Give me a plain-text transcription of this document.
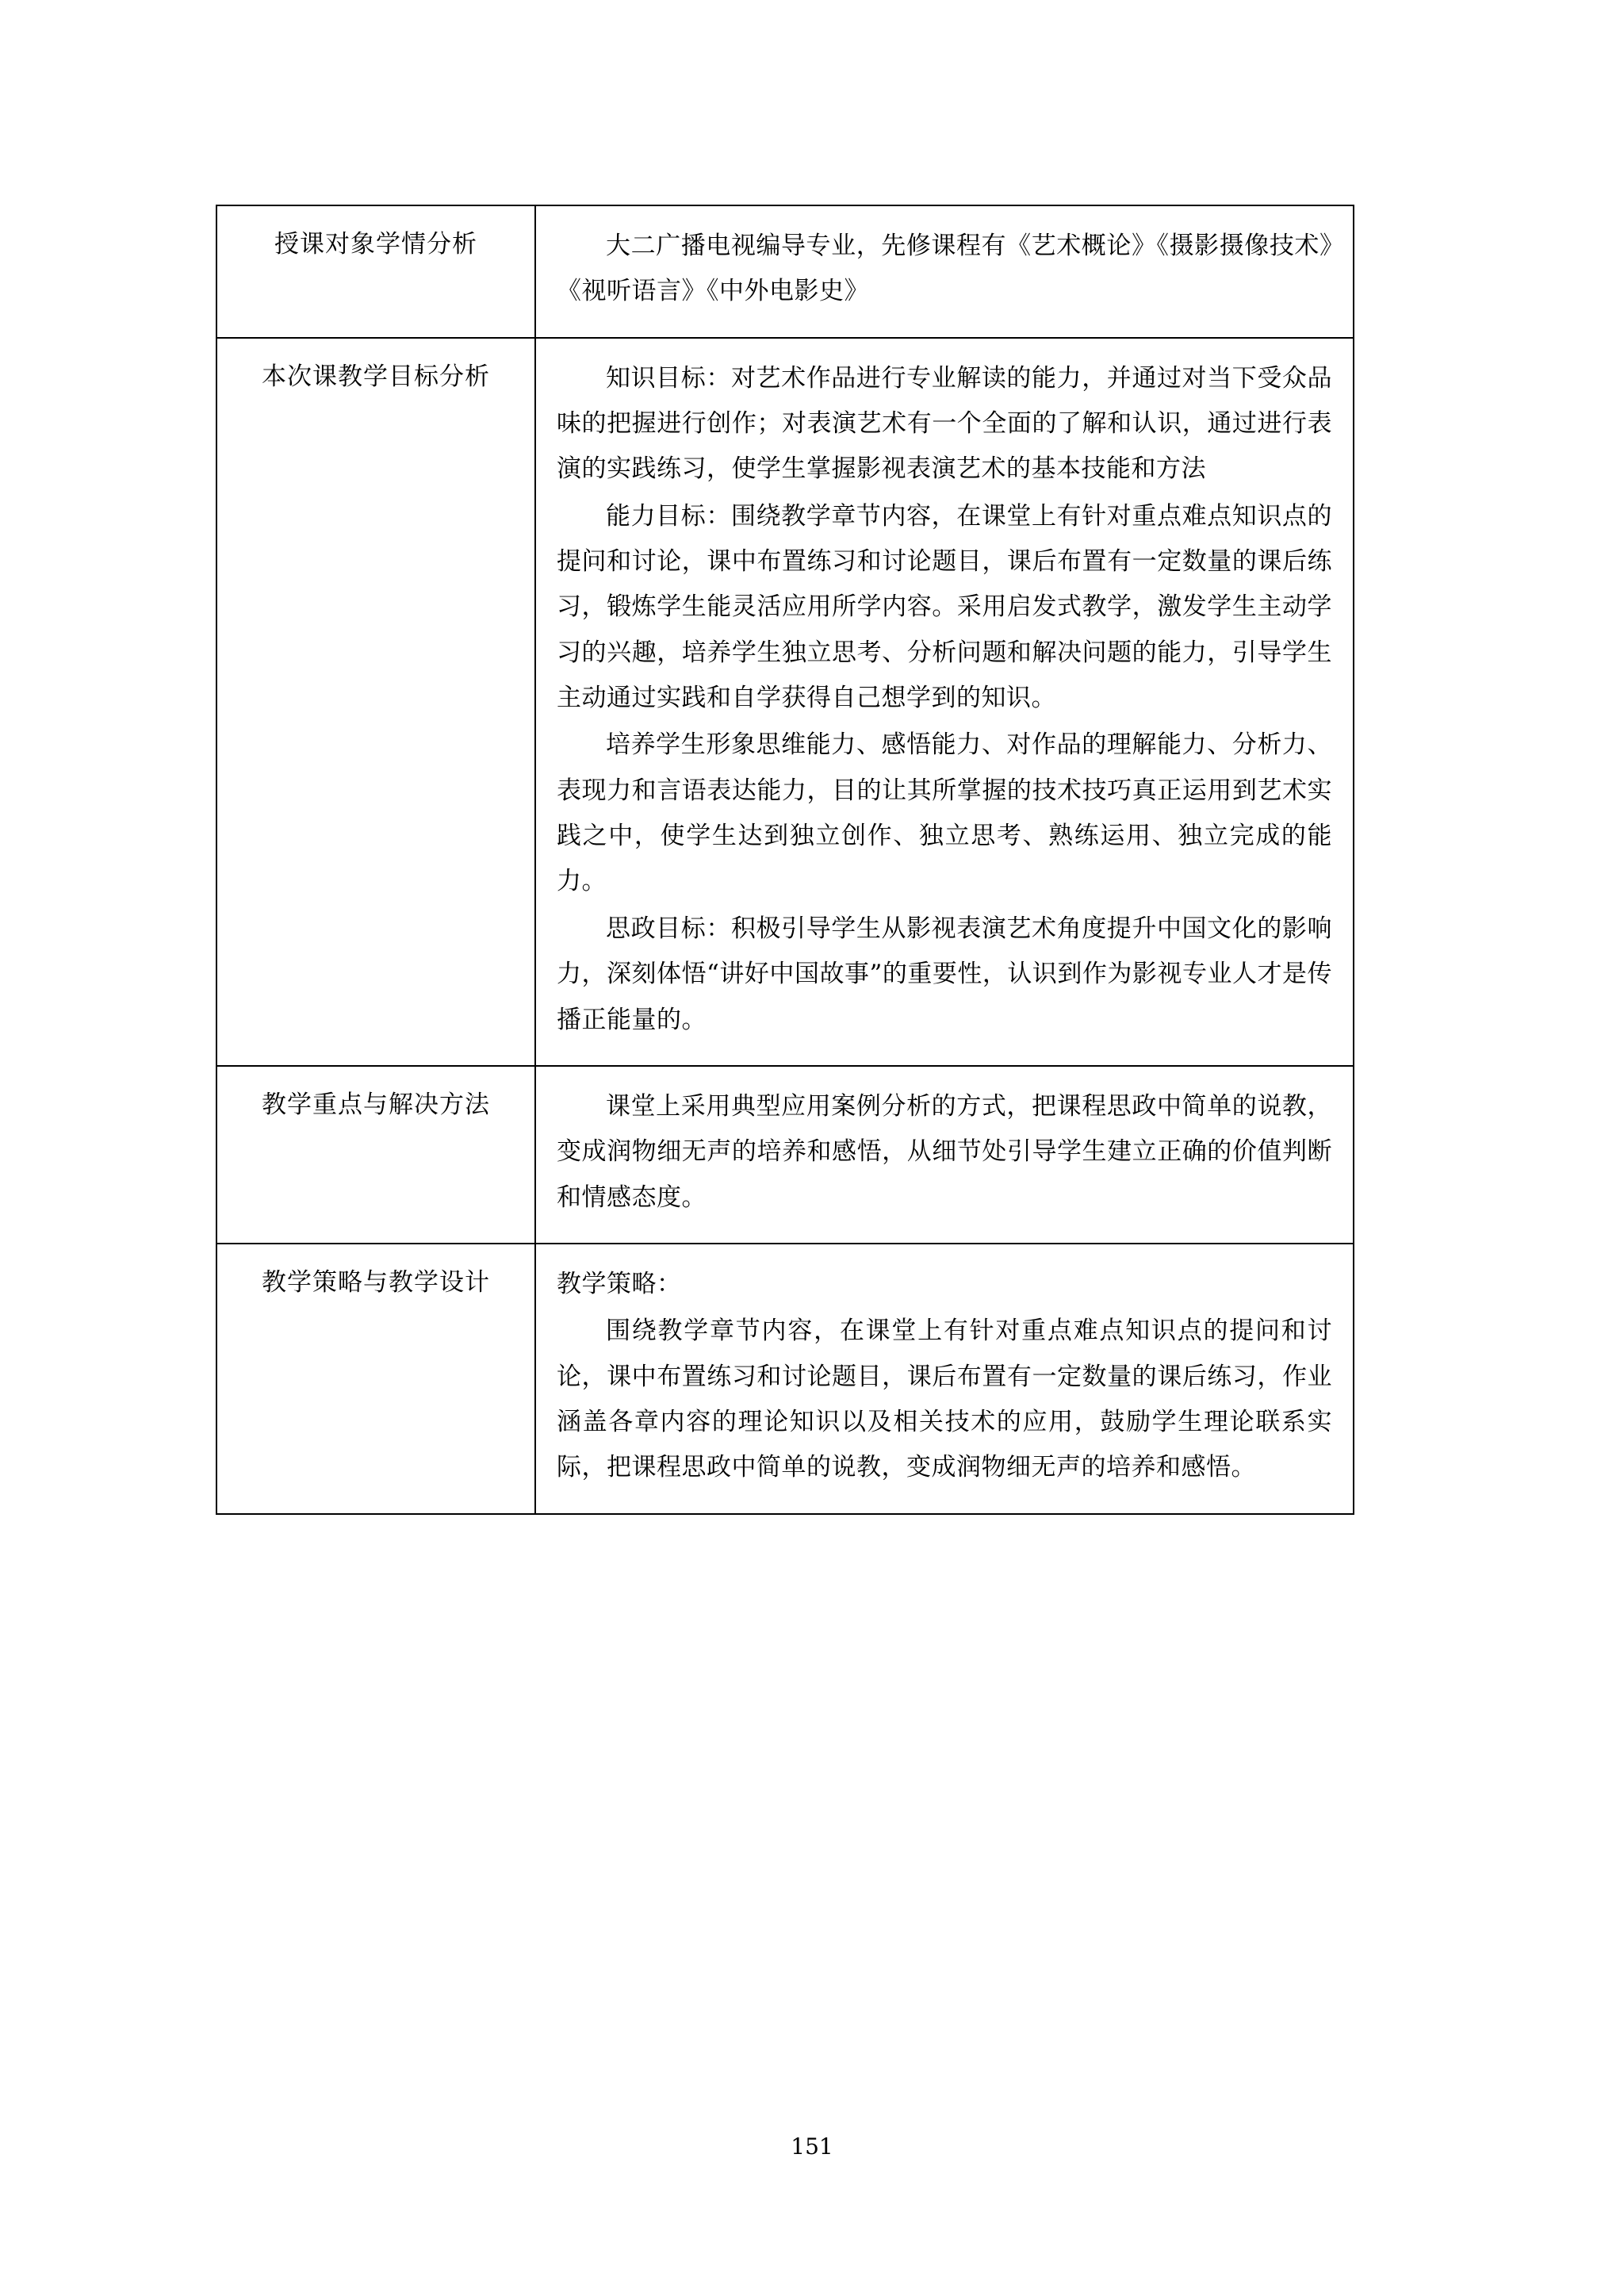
授课对象学情分析	大二广播电视编导专业，先修课程有《艺术概论》《摄影摄像技术》《视听语言》《中外电影史》

本次课教学目标分析	知识目标：对艺术作品进行专业解读的能力，并通过对当下受众品味的把握进行创作；对表演艺术有一个全面的了解和认识，通过进行表演的实践练习，使学生掌握影视表演艺术的基本技能和方法

能力目标：围绕教学章节内容，在课堂上有针对重点难点知识点的提问和讨论，课中布置练习和讨论题目，课后布置有一定数量的课后练习，锻炼学生能灵活应用所学内容。采用启发式教学，激发学生主动学习的兴趣，培养学生独立思考、分析问题和解决问题的能力，引导学生主动通过实践和自学获得自己想学到的知识。

培养学生形象思维能力、感悟能力、对作品的理解能力、分析力、表现力和言语表达能力，目的让其所掌握的技术技巧真正运用到艺术实践之中，使学生达到独立创作、独立思考、熟练运用、独立完成的能力。

思政目标：积极引导学生从影视表演艺术角度提升中国文化的影响力，深刻体悟“讲好中国故事”的重要性，认识到作为影视专业人才是传播正能量的。

教学重点与解决方法	课堂上采用典型应用案例分析的方式，把课程思政中简单的说教，变成润物细无声的培养和感悟，从细节处引导学生建立正确的价值判断和情感态度。

教学策略与教学设计	教学策略：

围绕教学章节内容，在课堂上有针对重点难点知识点的提问和讨论，课中布置练习和讨论题目，课后布置有一定数量的课后练习，作业涵盖各章内容的理论知识以及相关技术的应用，鼓励学生理论联系实际，把课程思政中简单的说教，变成润物细无声的培养和感悟。

151
